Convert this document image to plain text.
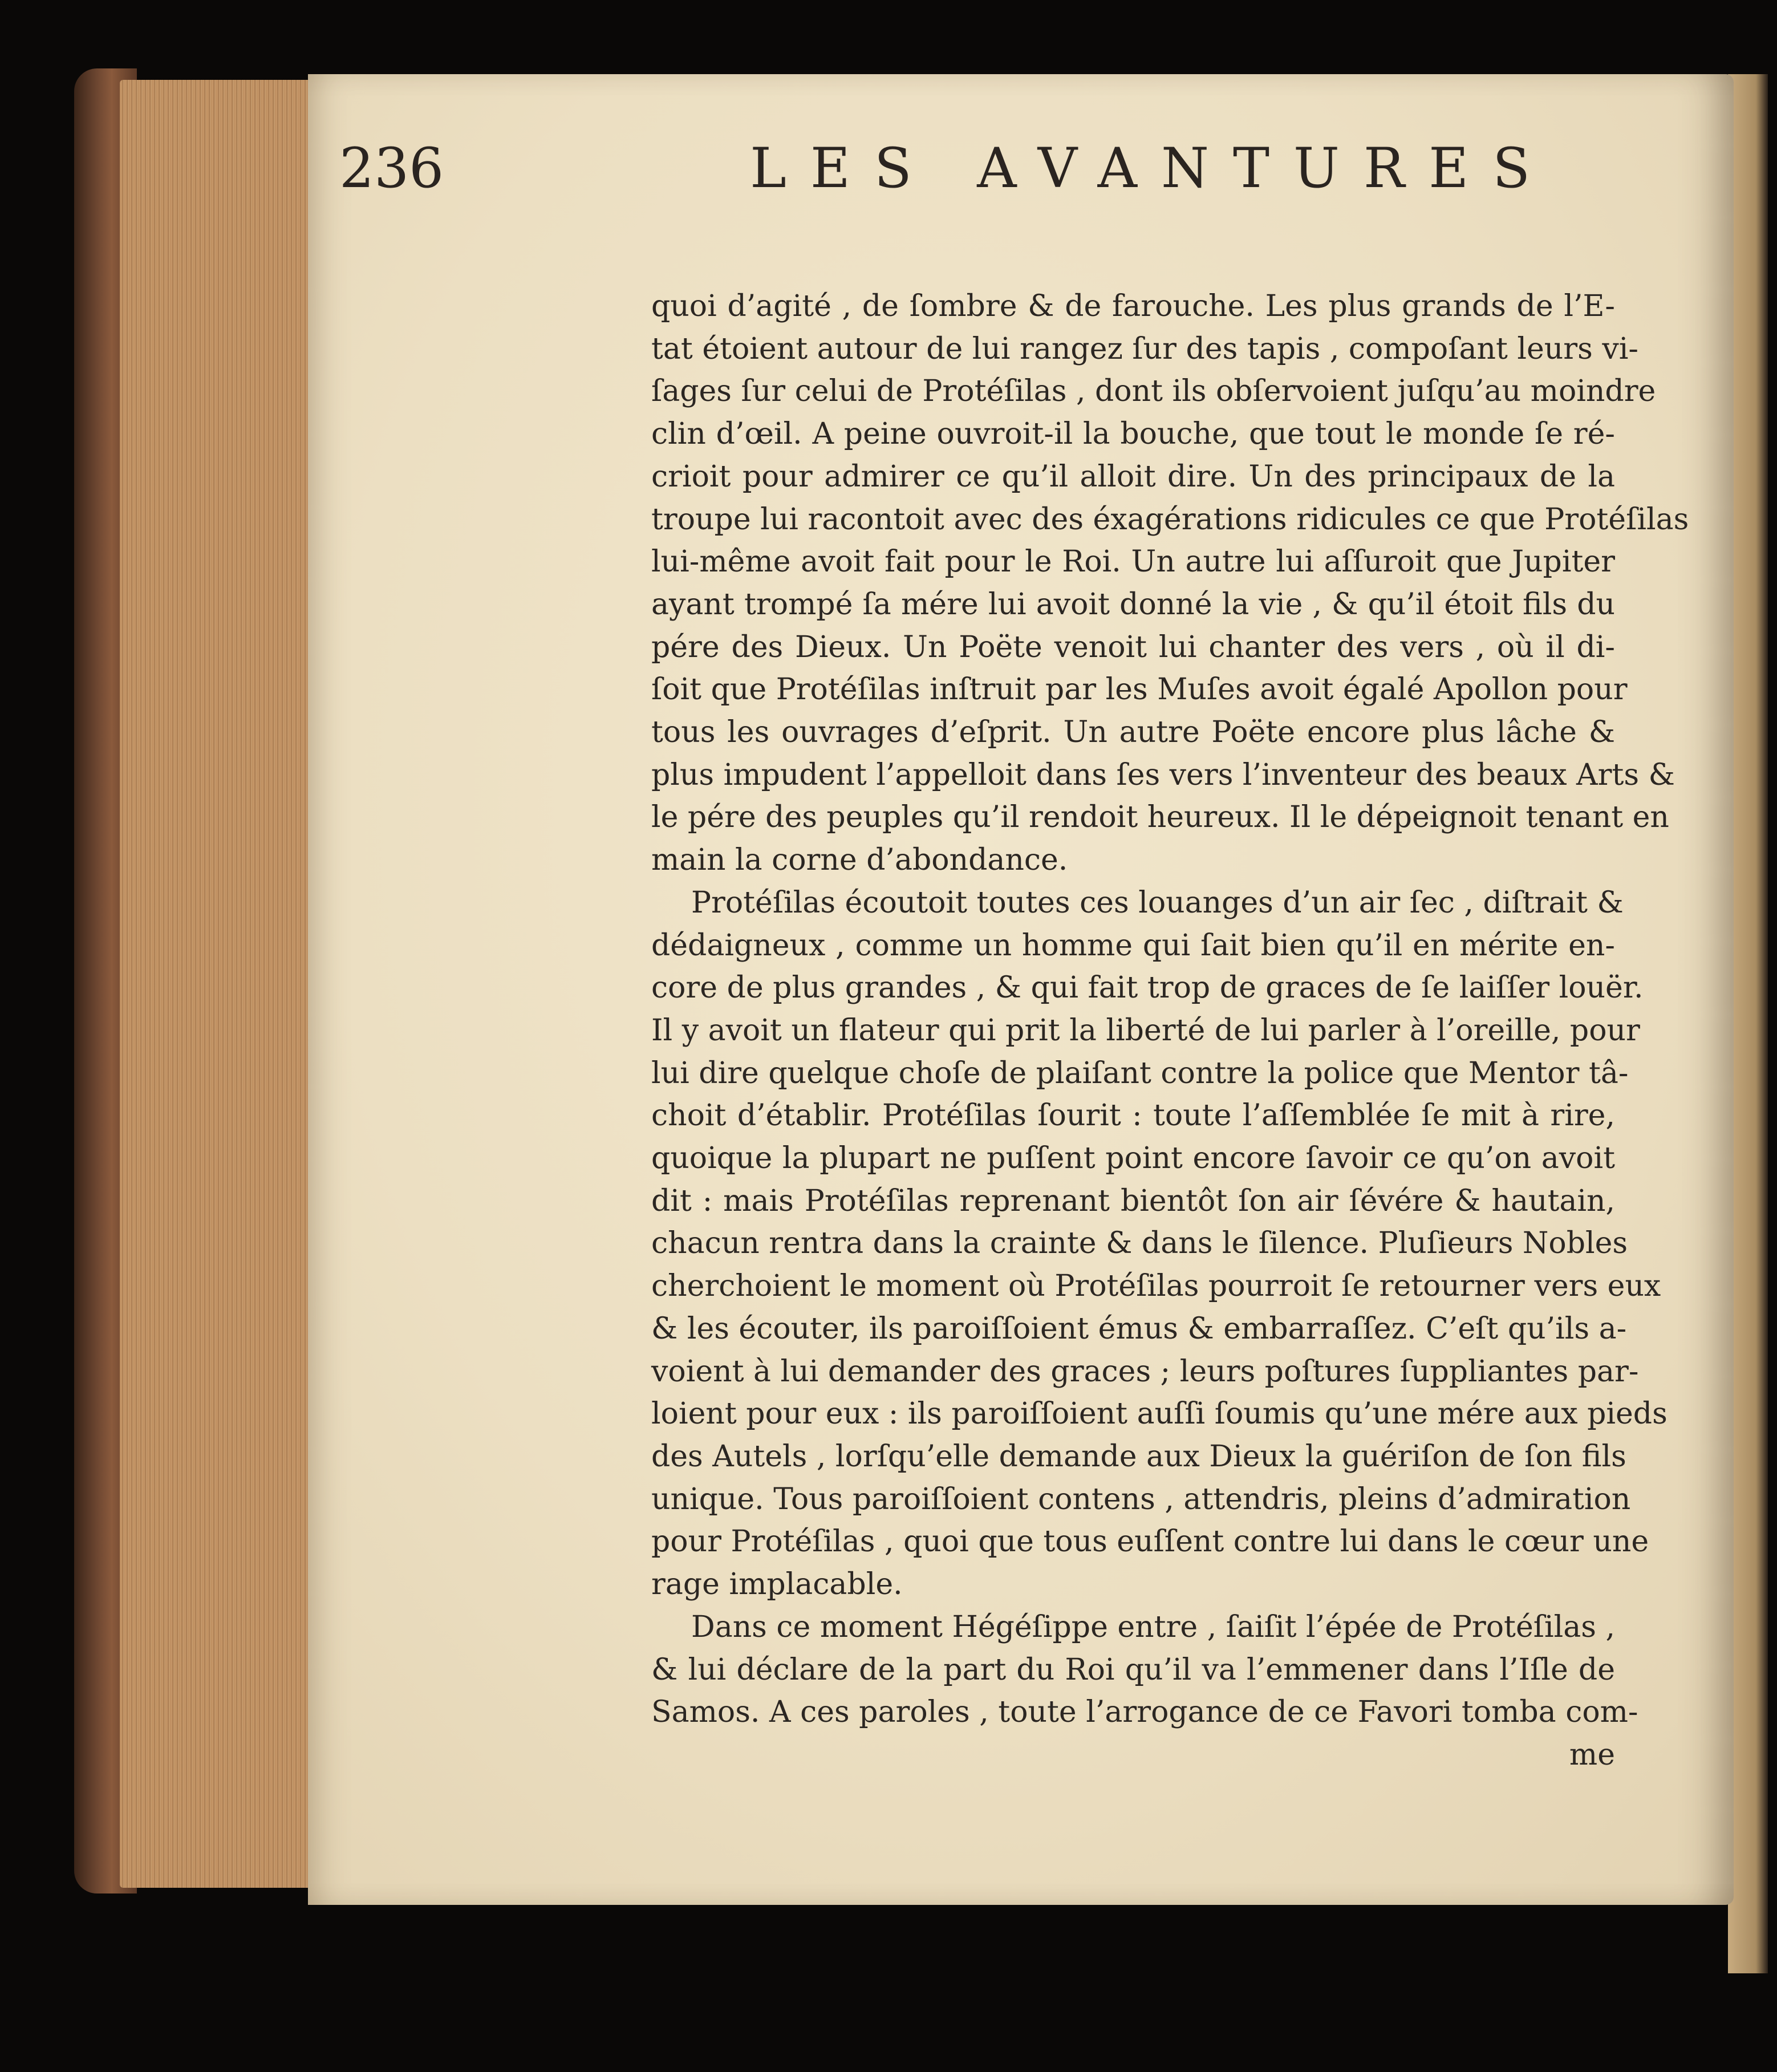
236	LES AVANTURES
quoi d’agité , de ſombre & de farouche. Les plus grands de l’E-
tat étoient autour de lui rangez ſur des tapis , compoſant leurs vi-
ſages ſur celui de Protéſilas , dont ils obſervoient juſqu’au moindre
clin d’œil. A peine ouvroit-il la bouche, que tout le monde ſe ré-
crioit pour admirer ce qu’il alloit dire. Un des principaux de la
troupe lui racontoit avec des éxagérations ridicules ce que Protéſilas
lui-même avoit fait pour le Roi. Un autre lui aſſuroit que Jupiter
ayant trompé ſa mére lui avoit donné la vie , & qu’il étoit fils du
pére des Dieux. Un Poëte venoit lui chanter des vers , où il di-
ſoit que Protéſilas inſtruit par les Muſes avoit égalé Apollon pour
tous les ouvrages d’eſprit. Un autre Poëte encore plus lâche &
plus impudent l’appelloit dans ſes vers l’inventeur des beaux Arts &
le pére des peuples qu’il rendoit heureux. Il le dépeignoit tenant en
main la corne d’abondance.
Protéſilas écoutoit toutes ces louanges d’un air ſec , diſtrait &
dédaigneux , comme un homme qui ſait bien qu’il en mérite en-
core de plus grandes , & qui fait trop de graces de ſe laiſſer louër.
Il y avoit un flateur qui prit la liberté de lui parler à l’oreille, pour
lui dire quelque choſe de plaiſant contre la police que Mentor tâ-
choit d’établir. Protéſilas ſourit : toute l’aſſemblée ſe mit à rire,
quoique la plupart ne puſſent point encore ſavoir ce qu’on avoit
dit : mais Protéſilas reprenant bientôt ſon air ſévére & hautain,
chacun rentra dans la crainte & dans le ſilence. Pluſieurs Nobles
cherchoient le moment où Protéſilas pourroit ſe retourner vers eux
& les écouter, ils paroiſſoient émus & embarraſſez. C’eſt qu’ils a-
voient à lui demander des graces ; leurs poſtures ſuppliantes par-
loient pour eux : ils paroiſſoient auſſi ſoumis qu’une mére aux pieds
des Autels , lorſqu’elle demande aux Dieux la guériſon de ſon fils
unique. Tous paroiſſoient contens , attendris, pleins d’admiration
pour Protéſilas , quoi que tous euſſent contre lui dans le cœur une
rage implacable.
Dans ce moment Hégéſippe entre , ſaiſit l’épée de Protéſilas ,
& lui déclare de la part du Roi qu’il va l’emmener dans l’Iſle de
Samos. A ces paroles , toute l’arrogance de ce Favori tomba com-
me
